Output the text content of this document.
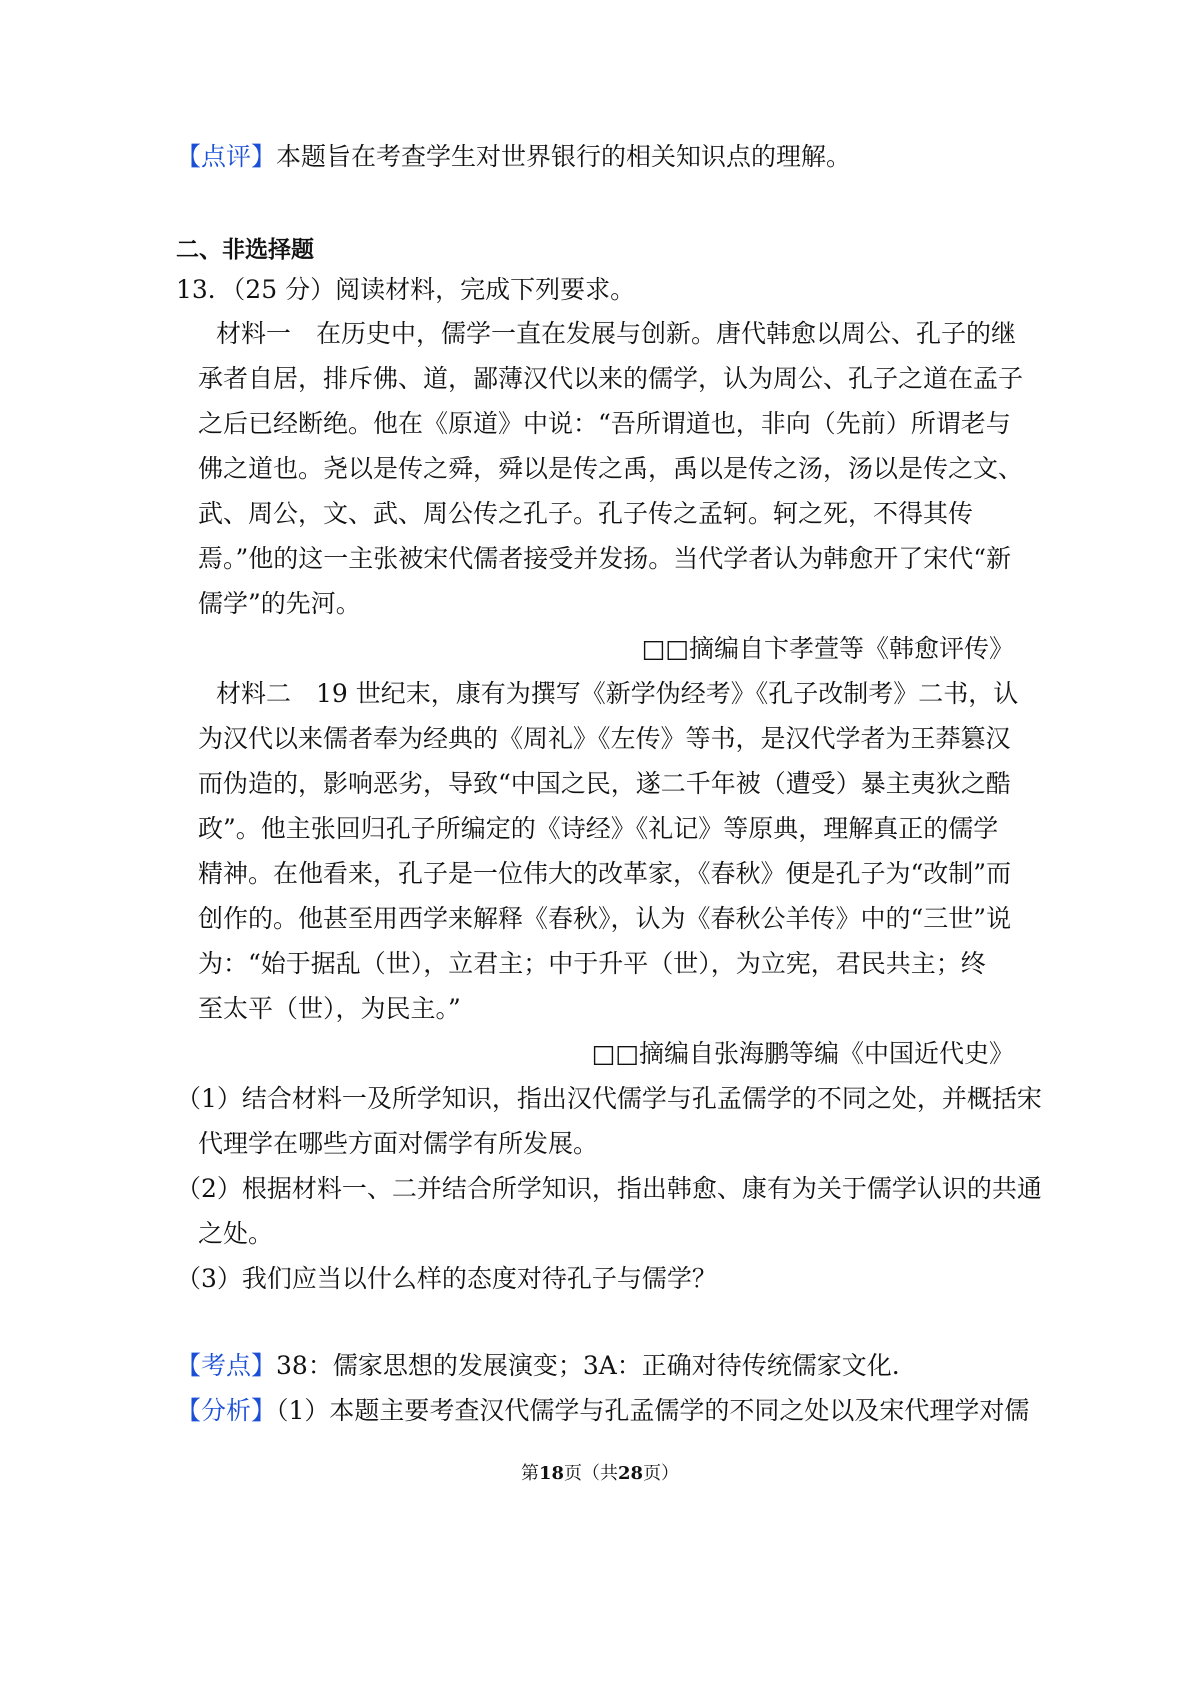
【点评】本题旨在考查学生对世界银行的相关知识点的理解。
二、非选择题
13．（25 分）阅读材料，完成下列要求。
材料一　在历史中，儒学一直在发展与创新。唐代韩愈以周公、孔子的继
承者自居，排斥佛、道，鄙薄汉代以来的儒学，认为周公、孔子之道在孟子
之后已经断绝。他在《原道》中说：“吾所谓道也，非向（先前）所谓老与
佛之道也。尧以是传之舜，舜以是传之禹，禹以是传之汤，汤以是传之文、
武、周公，文、武、周公传之孔子。孔子传之孟轲。轲之死，不得其传
焉。”他的这一主张被宋代儒者接受并发扬。当代学者认为韩愈开了宋代“新
儒学”的先河。
□□摘编自卞孝萱等《韩愈评传》
材料二　19 世纪末，康有为撰写《新学伪经考》《孔子改制考》二书，认
为汉代以来儒者奉为经典的《周礼》《左传》等书，是汉代学者为王莽篡汉
而伪造的，影响恶劣，导致“中国之民，遂二千年被（遭受）暴主夷狄之酷
政”。他主张回归孔子所编定的《诗经》《礼记》等原典，理解真正的儒学
精神。在他看来，孔子是一位伟大的改革家，《春秋》便是孔子为“改制”而
创作的。他甚至用西学来解释《春秋》，认为《春秋公羊传》中的“三世”说
为：“始于据乱（世），立君主；中于升平（世），为立宪，君民共主；终
至太平（世），为民主。”
□□摘编自张海鹏等编《中国近代史》
（1）结合材料一及所学知识，指出汉代儒学与孔孟儒学的不同之处，并概括宋
代理学在哪些方面对儒学有所发展。
（2）根据材料一、二并结合所学知识，指出韩愈、康有为关于儒学认识的共通
之处。
（3）我们应当以什么样的态度对待孔子与儒学？
【考点】38：儒家思想的发展演变；3A：正确对待传统儒家文化.
【分析】（1）本题主要考查汉代儒学与孔孟儒学的不同之处以及宋代理学对儒
第18页（共28页）
